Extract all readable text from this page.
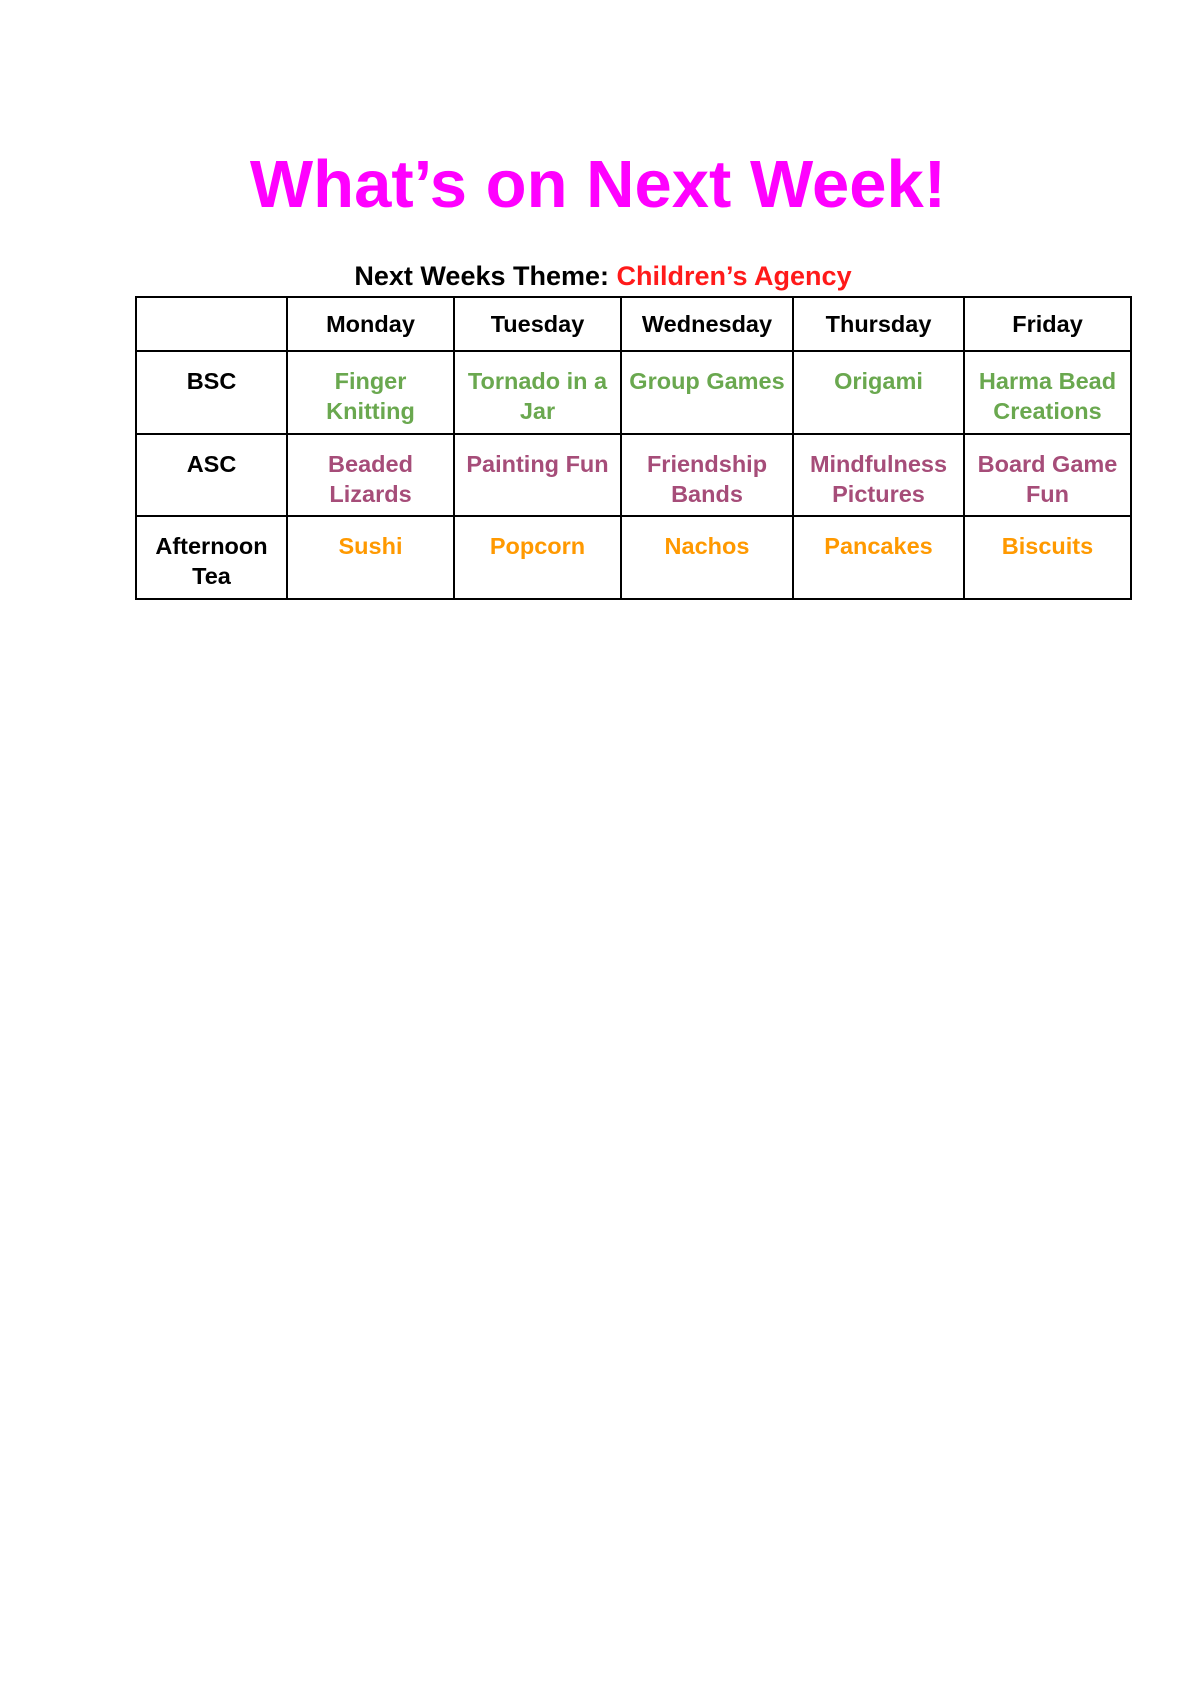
What’s on Next Week!
Next Weeks Theme: Children’s Agency
	Monday	Tuesday	Wednesday	Thursday	Friday
BSC	Finger Knitting	Tornado in a Jar	Group Games	Origami	Harma Bead Creations
ASC	Beaded Lizards	Painting Fun	Friendship Bands	Mindfulness Pictures	Board Game Fun
Afternoon Tea	Sushi	Popcorn	Nachos	Pancakes	Biscuits
